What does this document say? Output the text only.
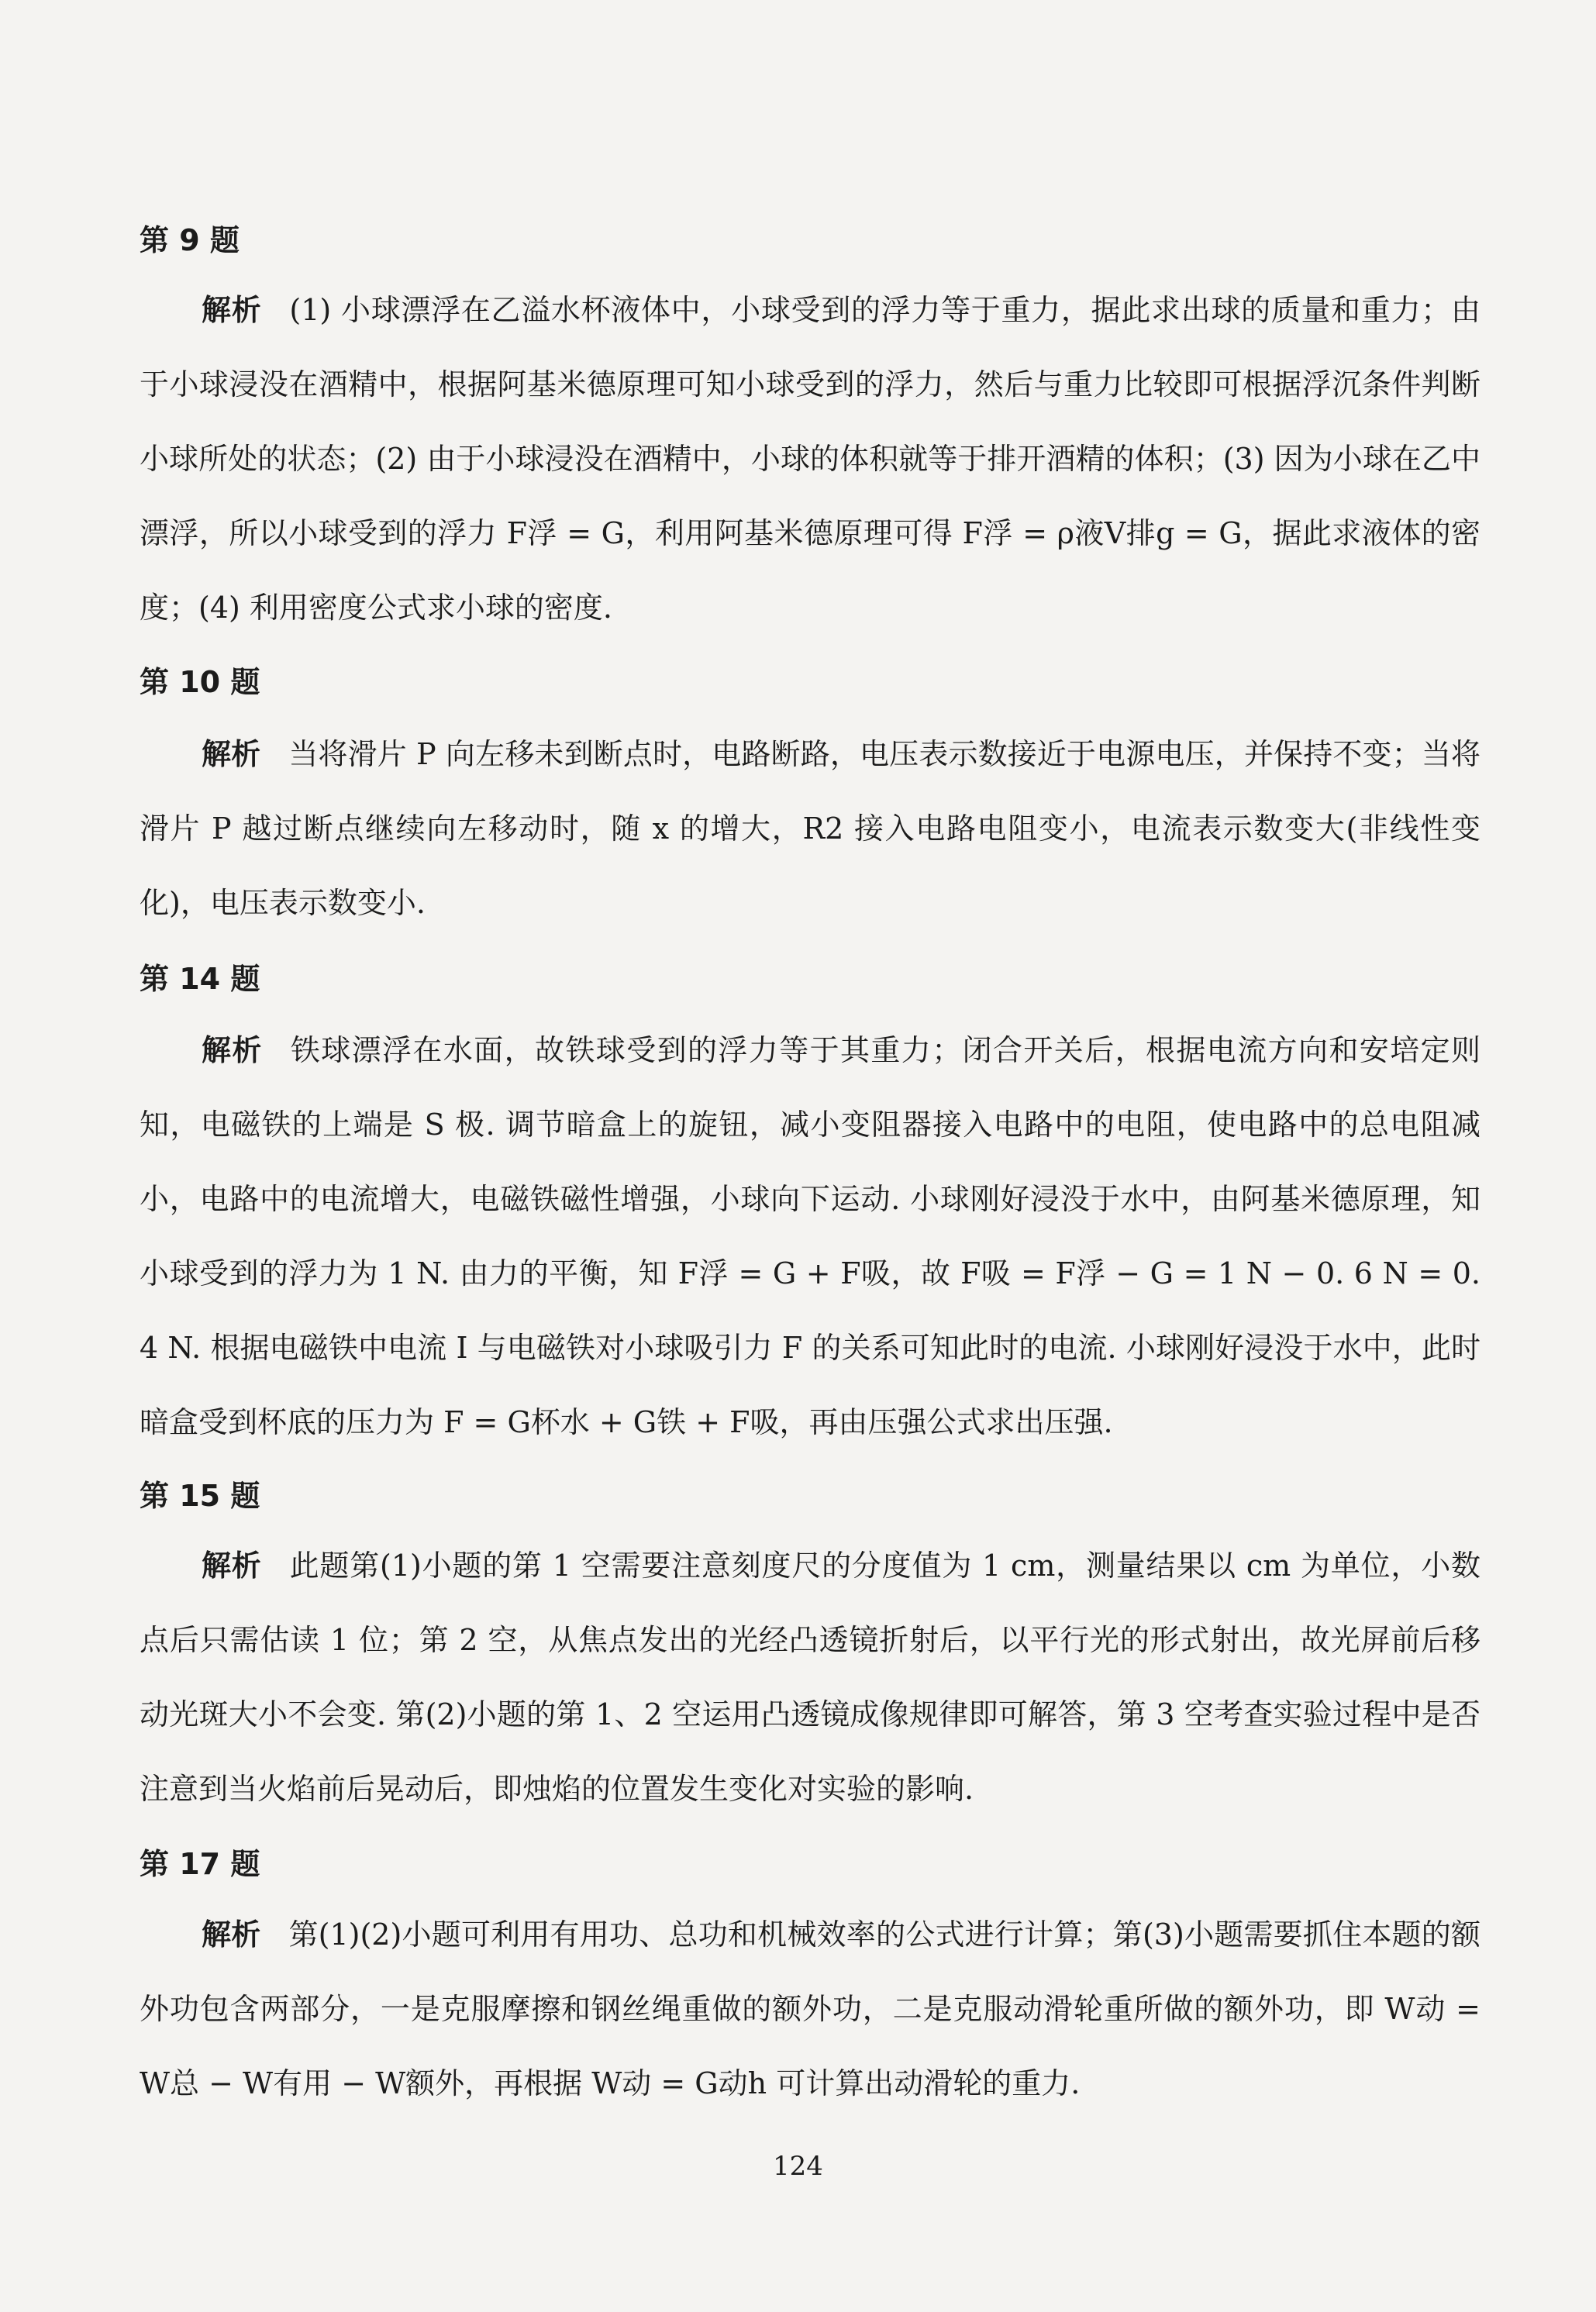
第 9 题
解析 (1) 小球漂浮在乙溢水杯液体中，小球受到的浮力等于重力，据此求出球的质量和重力；由于小球浸没在酒精中，根据阿基米德原理可知小球受到的浮力，然后与重力比较即可根据浮沉条件判断小球所处的状态；(2) 由于小球浸没在酒精中，小球的体积就等于排开酒精的体积；(3) 因为小球在乙中漂浮，所以小球受到的浮力 F浮 = G，利用阿基米德原理可得 F浮 = ρ液V排g = G，据此求液体的密度；(4) 利用密度公式求小球的密度.
第 10 题
解析 当将滑片 P 向左移未到断点时，电路断路，电压表示数接近于电源电压，并保持不变；当将滑片 P 越过断点继续向左移动时，随 x 的增大，R2 接入电路电阻变小，电流表示数变大(非线性变化)，电压表示数变小.
第 14 题
解析 铁球漂浮在水面，故铁球受到的浮力等于其重力；闭合开关后，根据电流方向和安培定则知，电磁铁的上端是 S 极. 调节暗盒上的旋钮，减小变阻器接入电路中的电阻，使电路中的总电阻减小，电路中的电流增大，电磁铁磁性增强，小球向下运动. 小球刚好浸没于水中，由阿基米德原理，知小球受到的浮力为 1 N. 由力的平衡，知 F浮 = G + F吸，故 F吸 = F浮 − G = 1 N − 0. 6 N = 0. 4 N. 根据电磁铁中电流 I 与电磁铁对小球吸引力 F 的关系可知此时的电流. 小球刚好浸没于水中，此时暗盒受到杯底的压力为 F = G杯水 + G铁 + F吸，再由压强公式求出压强.
第 15 题
解析 此题第(1)小题的第 1 空需要注意刻度尺的分度值为 1 cm，测量结果以 cm 为单位，小数点后只需估读 1 位；第 2 空，从焦点发出的光经凸透镜折射后，以平行光的形式射出，故光屏前后移动光斑大小不会变. 第(2)小题的第 1、2 空运用凸透镜成像规律即可解答，第 3 空考查实验过程中是否注意到当火焰前后晃动后，即烛焰的位置发生变化对实验的影响.
第 17 题
解析 第(1)(2)小题可利用有用功、总功和机械效率的公式进行计算；第(3)小题需要抓住本题的额外功包含两部分，一是克服摩擦和钢丝绳重做的额外功，二是克服动滑轮重所做的额外功，即 W动 = W总 − W有用 − W额外，再根据 W动 = G动h 可计算出动滑轮的重力.
124
